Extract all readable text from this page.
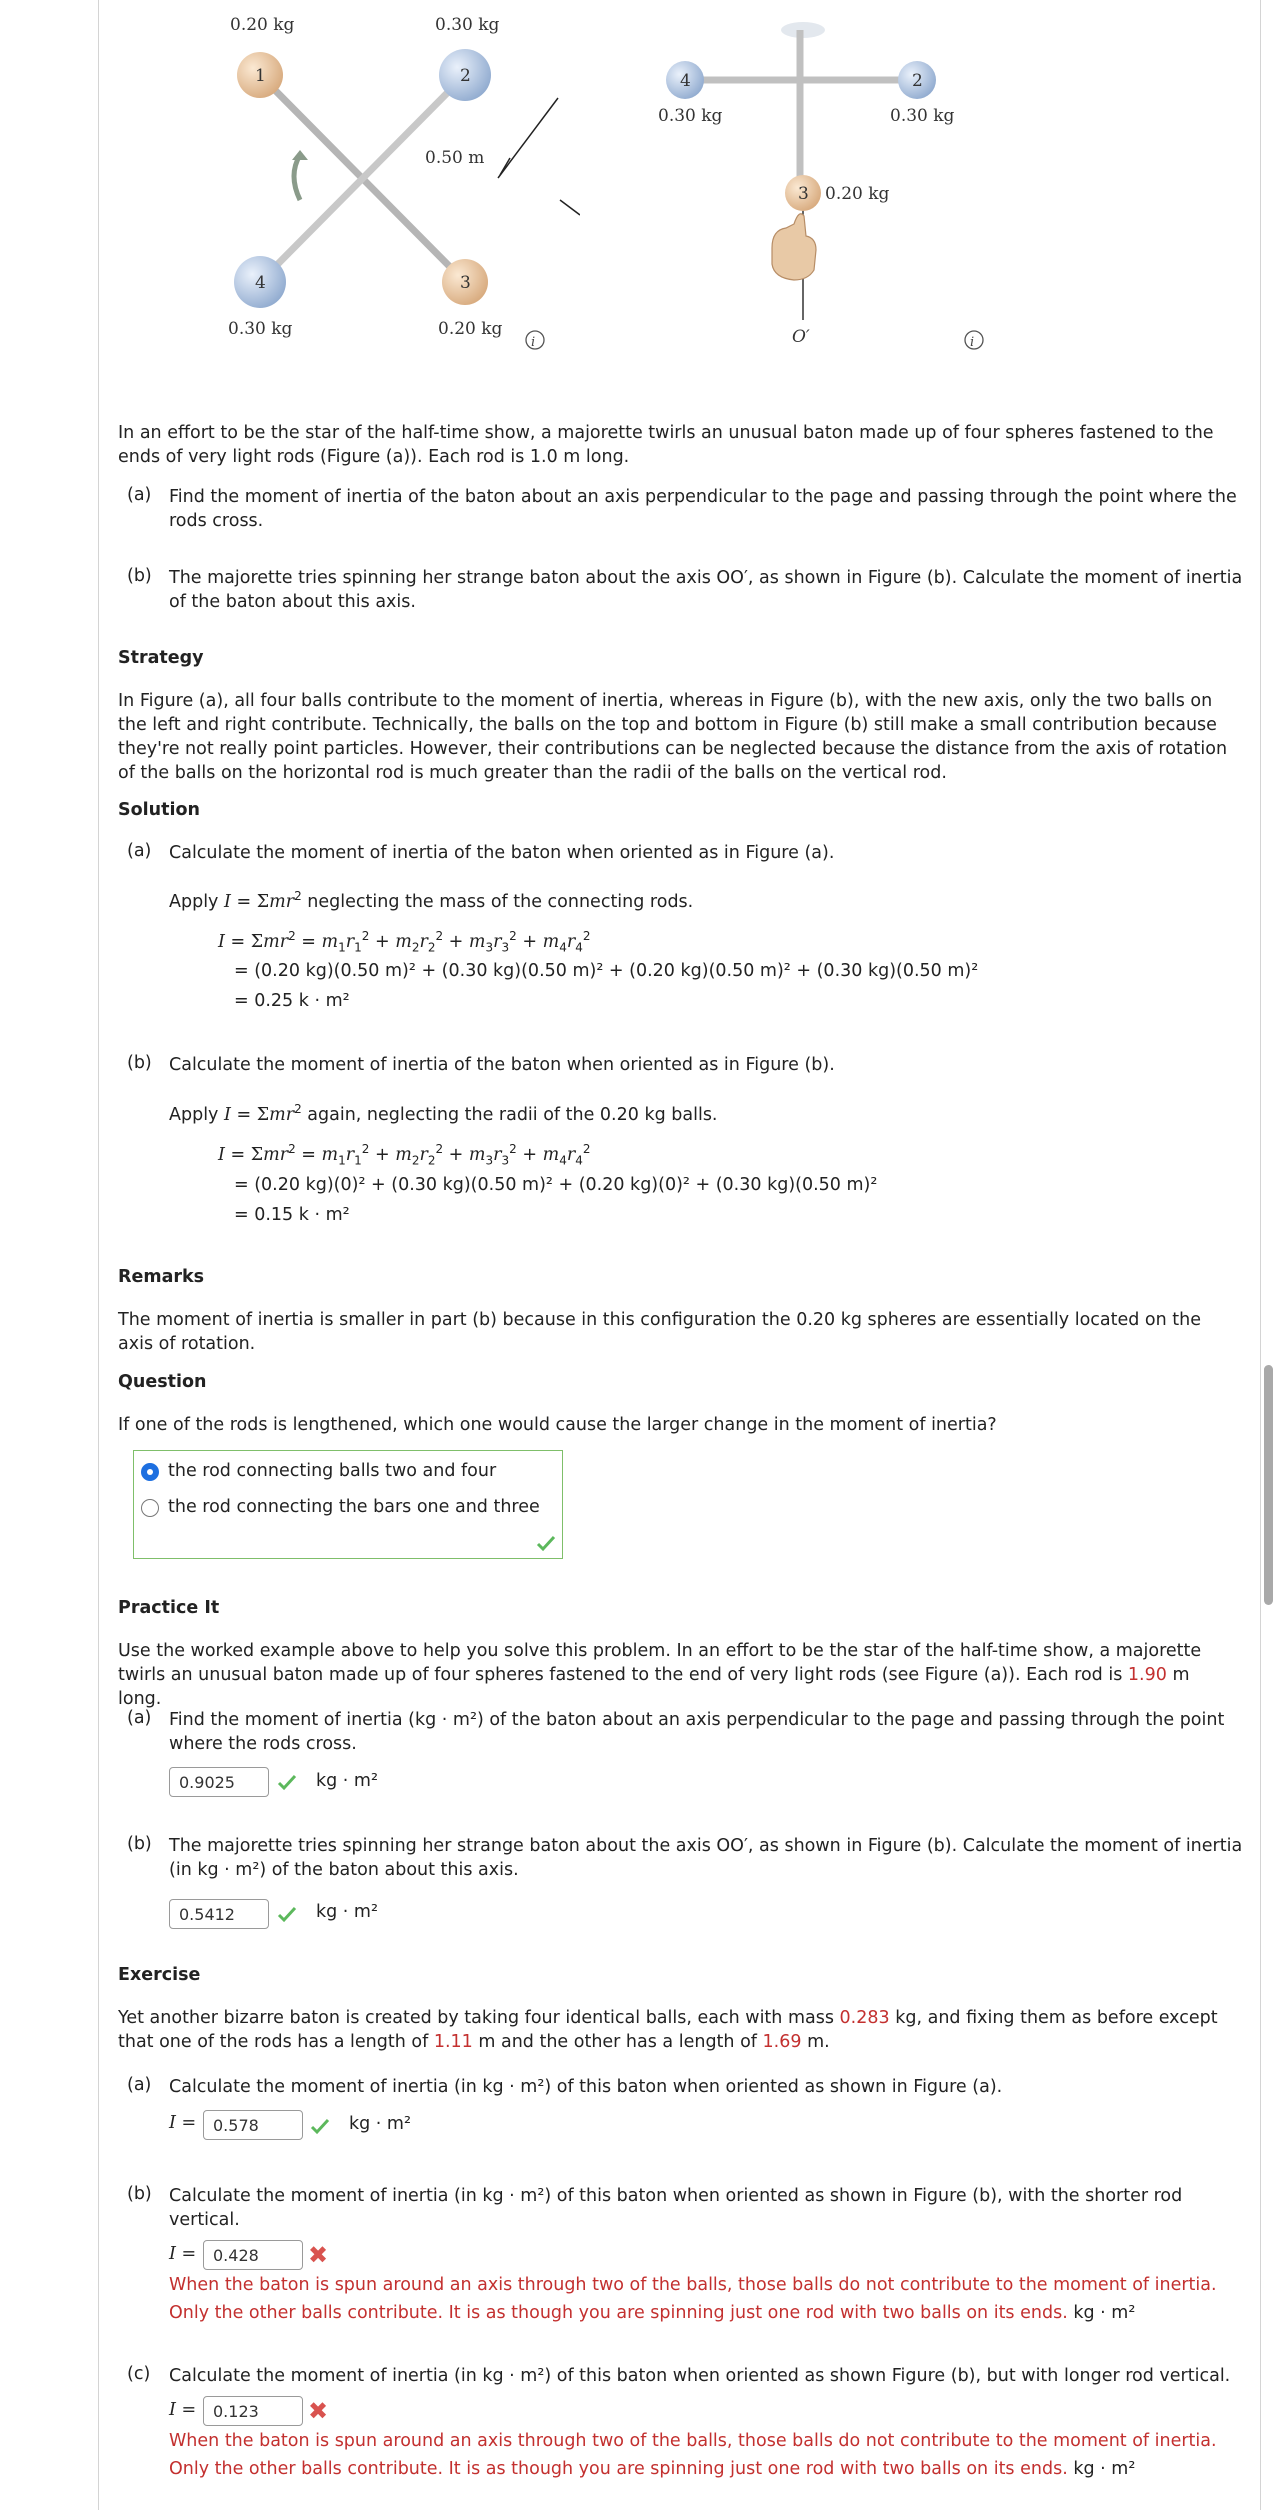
0.20 kg	0.30 kg
1	2
3
4
0.50 m
0.30 kg	0.20 kg
i
4	2
3
0.30 kg	0.30 kg
0.20 kg
O′	i
In an effort to be the star of the half-time show, a majorette twirls an unusual baton made up of four spheres fastened to the ends of very light rods (Figure (a)). Each rod is 1.0 m long.
(a) Find the moment of inertia of the baton about an axis perpendicular to the page and passing through the point where the rods cross.
(b) The majorette tries spinning her strange baton about the axis OO′, as shown in Figure (b). Calculate the moment of inertia of the baton about this axis.
Strategy
In Figure (a), all four balls contribute to the moment of inertia, whereas in Figure (b), with the new axis, only the two balls on the left and right contribute. Technically, the balls on the top and bottom in Figure (b) still make a small contribution because they're not really point particles. However, their contributions can be neglected because the distance from the axis of rotation of the balls on the horizontal rod is much greater than the radii of the balls on the vertical rod.
Solution
(a) Calculate the moment of inertia of the baton when oriented as in Figure (a).
Apply I = Σmr$^2$ neglecting the mass of the connecting rods.
$I = \Sigma mr^2 = m_1r_1^2 + m_2r_2^2 + m_3r_3^2 + m_4r_4^2$
= (0.20 kg)(0.50 m)² + (0.30 kg)(0.50 m)² + (0.20 kg)(0.50 m)² + (0.30 kg)(0.50 m)²
= 0.25 k · m²
(b) Calculate the moment of inertia of the baton when oriented as in Figure (b).
Apply I = Σmr$^2$ again, neglecting the radii of the 0.20 kg balls.
$I = \Sigma mr^2 = m_1r_1^2 + m_2r_2^2 + m_3r_3^2 + m_4r_4^2$
= (0.20 kg)(0)² + (0.30 kg)(0.50 m)² + (0.20 kg)(0)² + (0.30 kg)(0.50 m)²
= 0.15 k · m²
Remarks
The moment of inertia is smaller in part (b) because in this configuration the 0.20 kg spheres are essentially located on the axis of rotation.
Question
If one of the rods is lengthened, which one would cause the larger change in the moment of inertia?
the rod connecting balls two and four
the rod connecting the bars one and three
Practice It
Use the worked example above to help you solve this problem. In an effort to be the star of the half-time show, a majorette twirls an unusual baton made up of four spheres fastened to the end of very light rods (see Figure (a)). Each rod is 1.90 m long.
(a) Find the moment of inertia (kg · m²) of the baton about an axis perpendicular to the page and passing through the point where the rods cross.
0.9025	kg · m²
(b) The majorette tries spinning her strange baton about the axis OO′, as shown in Figure (b). Calculate the moment of inertia (in kg · m²) of the baton about this axis.
0.5412	kg · m²
Exercise
Yet another bizarre baton is created by taking four identical balls, each with mass 0.283 kg, and fixing them as before except that one of the rods has a length of 1.11 m and the other has a length of 1.69 m.
(a) Calculate the moment of inertia (in kg · m²) of this baton when oriented as shown in Figure (a).
I =	0.578	kg · m²
(b) Calculate the moment of inertia (in kg · m²) of this baton when oriented as shown in Figure (b), with the shorter rod vertical.
I =	0.428	✖
When the baton is spun around an axis through two of the balls, those balls do not contribute to the moment of inertia. Only the other balls contribute. It is as though you are spinning just one rod with two balls on its ends. kg · m²
(c) Calculate the moment of inertia (in kg · m²) of this baton when oriented as shown Figure (b), but with longer rod vertical.
I =	0.123	✖
When the baton is spun around an axis through two of the balls, those balls do not contribute to the moment of inertia. Only the other balls contribute. It is as though you are spinning just one rod with two balls on its ends. kg · m²
